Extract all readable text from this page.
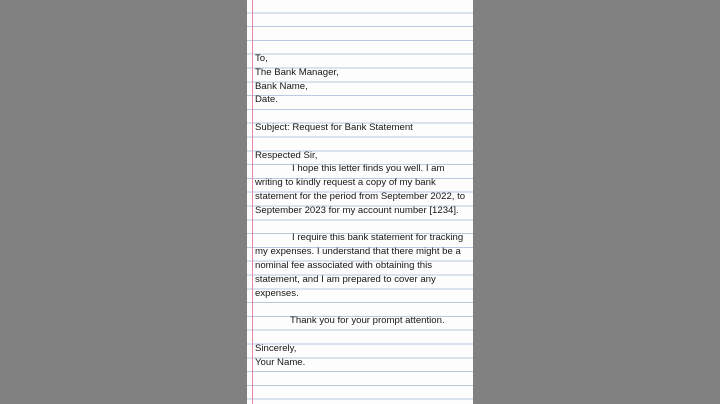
To,
The Bank Manager,
Bank Name,
Date.
Subject: Request for Bank Statement
Respected Sir,
I hope this letter finds you well. I am
writing to kindly request a copy of my bank
statement for the period from September 2022, to
September 2023 for my account number [1234].
I require this bank statement for tracking
my expenses. I understand that there might be a
nominal fee associated with obtaining this
statement, and I am prepared to cover any
expenses.
Thank you for your prompt attention.
Sincerely,
Your Name.
